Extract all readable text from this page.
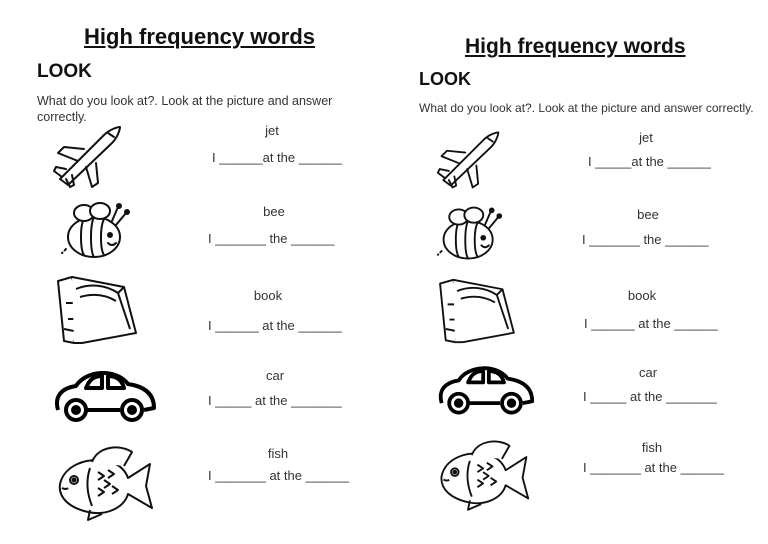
High frequency words
LOOK
What do you look at?. Look at the picture and answer correctly.
jet
I ______at the ______
bee
I _______ the ______
book
I ______ at the ______
car
I _____ at the _______
fish
I _______ at the ______
High frequency words
LOOK
What do you look at?. Look at the picture and answer correctly.
jet
I _____at the ______
bee
I _______ the ______
book
I ______ at the ______
car
I _____ at the _______
fish
I _______ at the ______
